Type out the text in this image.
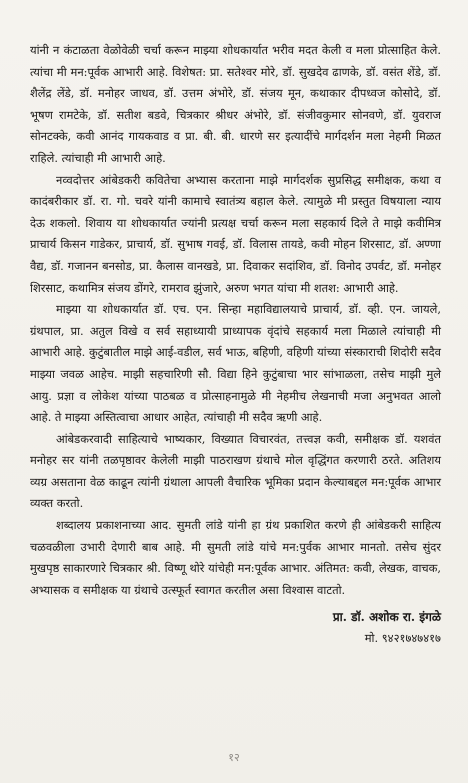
यांनी न कंटाळता वेळोवेळी चर्चा करून माझ्या शोधकार्यात भरीव मदत केली व मला प्रोत्साहित केले. त्यांचा मी मन:पूर्वक आभारी आहे. विशेषत: प्रा. सतेश्वर मोरे, डॉ. सुखदेव ढाणके, डॉ. वसंत शेंडे, डॉ. शैलेंद्र लेंडे, डॉ. मनोहर जाधव, डॉ. उत्तम अंभोरे, डॉ. संजय मून, कथाकार दीपध्वज कोसोदे, डॉ. भूषण रामटेके, डॉ. सतीश बडवे, चित्रकार श्रीधर अंभोरे, डॉ. संजीवकुमार सोनवणे, डॉ. युवराज सोनटक्के, कवी आनंद गायकवाड व प्रा. बी. बी. धारणे सर इत्यादींचे मार्गदर्शन मला नेहमी मिळत राहिले. त्यांचाही मी आभारी आहे.

नव्वदोत्तर आंबेडकरी कवितेचा अभ्यास करताना माझे मार्गदर्शक सुप्रसिद्ध समीक्षक, कथा व कादंबरीकार डॉ. रा. गो. चवरे यांनी कामाचे स्वातंत्र्य बहाल केले. त्यामुळे मी प्रस्तुत विषयाला न्याय देऊ शकलो. शिवाय या शोधकार्यात ज्यांनी प्रत्यक्ष चर्चा करून मला सहकार्य दिले ते माझे कवीमित्र प्राचार्य किसन गाडेकर, प्राचार्य, डॉ. सुभाष गवई, डॉ. विलास तायडे, कवी मोहन शिरसाट, डॉ. अण्णा वैद्य, डॉ. गजानन बनसोड, प्रा. कैलास वानखडे, प्रा. दिवाकर सदांशिव, डॉ. विनोद उपर्वट, डॉ. मनोहर शिरसाट, कथामित्र संजय डोंगरे, रामराव झुंजारे, अरुण भगत यांचा मी शतश: आभारी आहे.

माझ्या या शोधकार्यात डॉ. एच. एन. सिन्हा महाविद्यालयाचे प्राचार्य, डॉ. व्ही. एन. जायले, ग्रंथपाल, प्रा. अतुल विखे व सर्व सहाध्यायी प्राध्यापक वृंदांचे सहकार्य मला मिळाले त्यांचाही मी आभारी आहे. कुटुंबातील माझे आई-वडील, सर्व भाऊ, बहिणी, वहिणी यांच्या संस्काराची शिदोरी सदैव माझ्या जवळ आहेच. माझी सहचारिणी सौ. विद्या हिने कुटुंबाचा भार सांभाळला, तसेच माझी मुले आयु. प्रज्ञा व लोकेश यांच्या पाठबळ व प्रोत्साहनामुळे मी नेहमीच लेखनाची मजा अनुभवत आलो आहे. ते माझ्या अस्तित्वाचा आधार आहेत, त्यांचाही मी सदैव ऋणी आहे.

आंबेडकरवादी साहित्याचे भाष्यकार, विख्यात विचारवंत, तत्त्वज्ञ कवी, समीक्षक डॉ. यशवंत मनोहर सर यांनी तळपृष्ठावर केलेली माझी पाठराखण ग्रंथाचे मोल वृद्धिंगत करणारी ठरते. अतिशय व्यग्र असताना वेळ काढून त्यांनी ग्रंथाला आपली वैचारिक भूमिका प्रदान केल्याबद्दल मन:पूर्वक आभार व्यक्त करतो.

शब्दालय प्रकाशनाच्या आद. सुमती लांडे यांनी हा ग्रंथ प्रकाशित करणे ही आंबेडकरी साहित्य चळवळीला उभारी देणारी बाब आहे. मी सुमती लांडे यांचे मन:पुर्वक आभार मानतो. तसेच सुंदर मुखपृष्ठ साकारणारे चित्रकार श्री. विष्णू थोरे यांचेही मन:पूर्वक आभार. अंतिमत: कवी, लेखक, वाचक, अभ्यासक व समीक्षक या ग्रंथाचे उत्स्फूर्त स्वागत करतील असा विश्वास वाटतो.

प्रा. डॉ. अशोक रा. इंगळे
मो. ९४२१७४७४१७
१२
